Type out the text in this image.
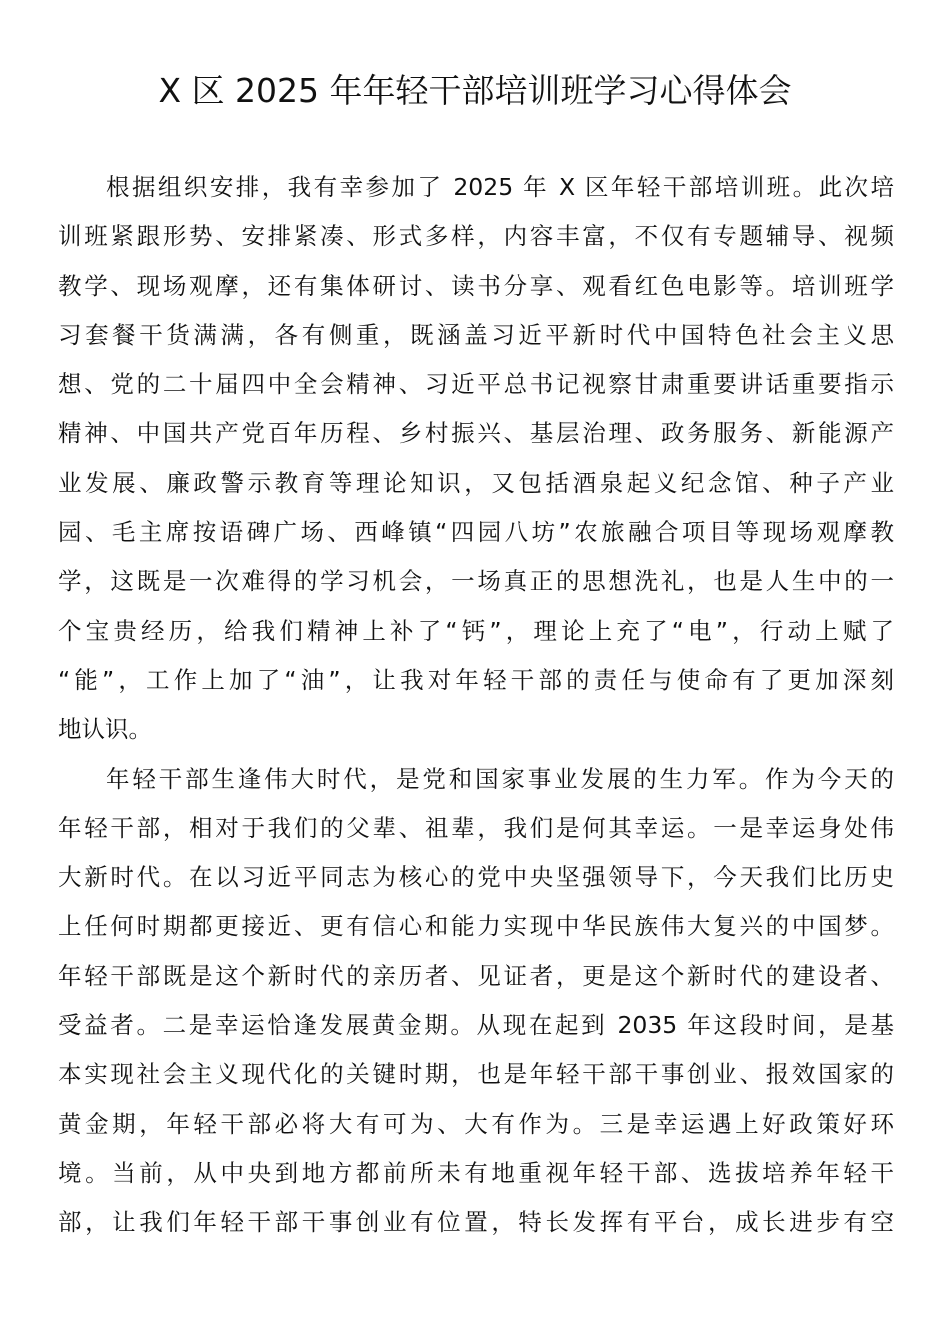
X 区 2025 年年轻干部培训班学习心得体会
根据组织安排，我有幸参加了 2025 年 X 区年轻干部培训班。此次培
训班紧跟形势、安排紧凑、形式多样，内容丰富，不仅有专题辅导、视频
教学、现场观摩，还有集体研讨、读书分享、观看红色电影等。培训班学
习套餐干货满满，各有侧重，既涵盖习近平新时代中国特色社会主义思
想、党的二十届四中全会精神、习近平总书记视察甘肃重要讲话重要指示
精神、中国共产党百年历程、乡村振兴、基层治理、政务服务、新能源产
业发展、廉政警示教育等理论知识，又包括酒泉起义纪念馆、种子产业
园、毛主席按语碑广场、西峰镇“四园八坊”农旅融合项目等现场观摩教
学，这既是一次难得的学习机会，一场真正的思想洗礼，也是人生中的一
个宝贵经历，给我们精神上补了“钙”，理论上充了“电”，行动上赋了
“能”，工作上加了“油”，让我对年轻干部的责任与使命有了更加深刻
地认识。
年轻干部生逢伟大时代，是党和国家事业发展的生力军。作为今天的
年轻干部，相对于我们的父辈、祖辈，我们是何其幸运。一是幸运身处伟
大新时代。在以习近平同志为核心的党中央坚强领导下，今天我们比历史
上任何时期都更接近、更有信心和能力实现中华民族伟大复兴的中国梦。
年轻干部既是这个新时代的亲历者、见证者，更是这个新时代的建设者、
受益者。二是幸运恰逢发展黄金期。从现在起到 2035 年这段时间，是基
本实现社会主义现代化的关键时期，也是年轻干部干事创业、报效国家的
黄金期，年轻干部必将大有可为、大有作为。三是幸运遇上好政策好环
境。当前，从中央到地方都前所未有地重视年轻干部、选拔培养年轻干
部，让我们年轻干部干事创业有位置，特长发挥有平台，成长进步有空
